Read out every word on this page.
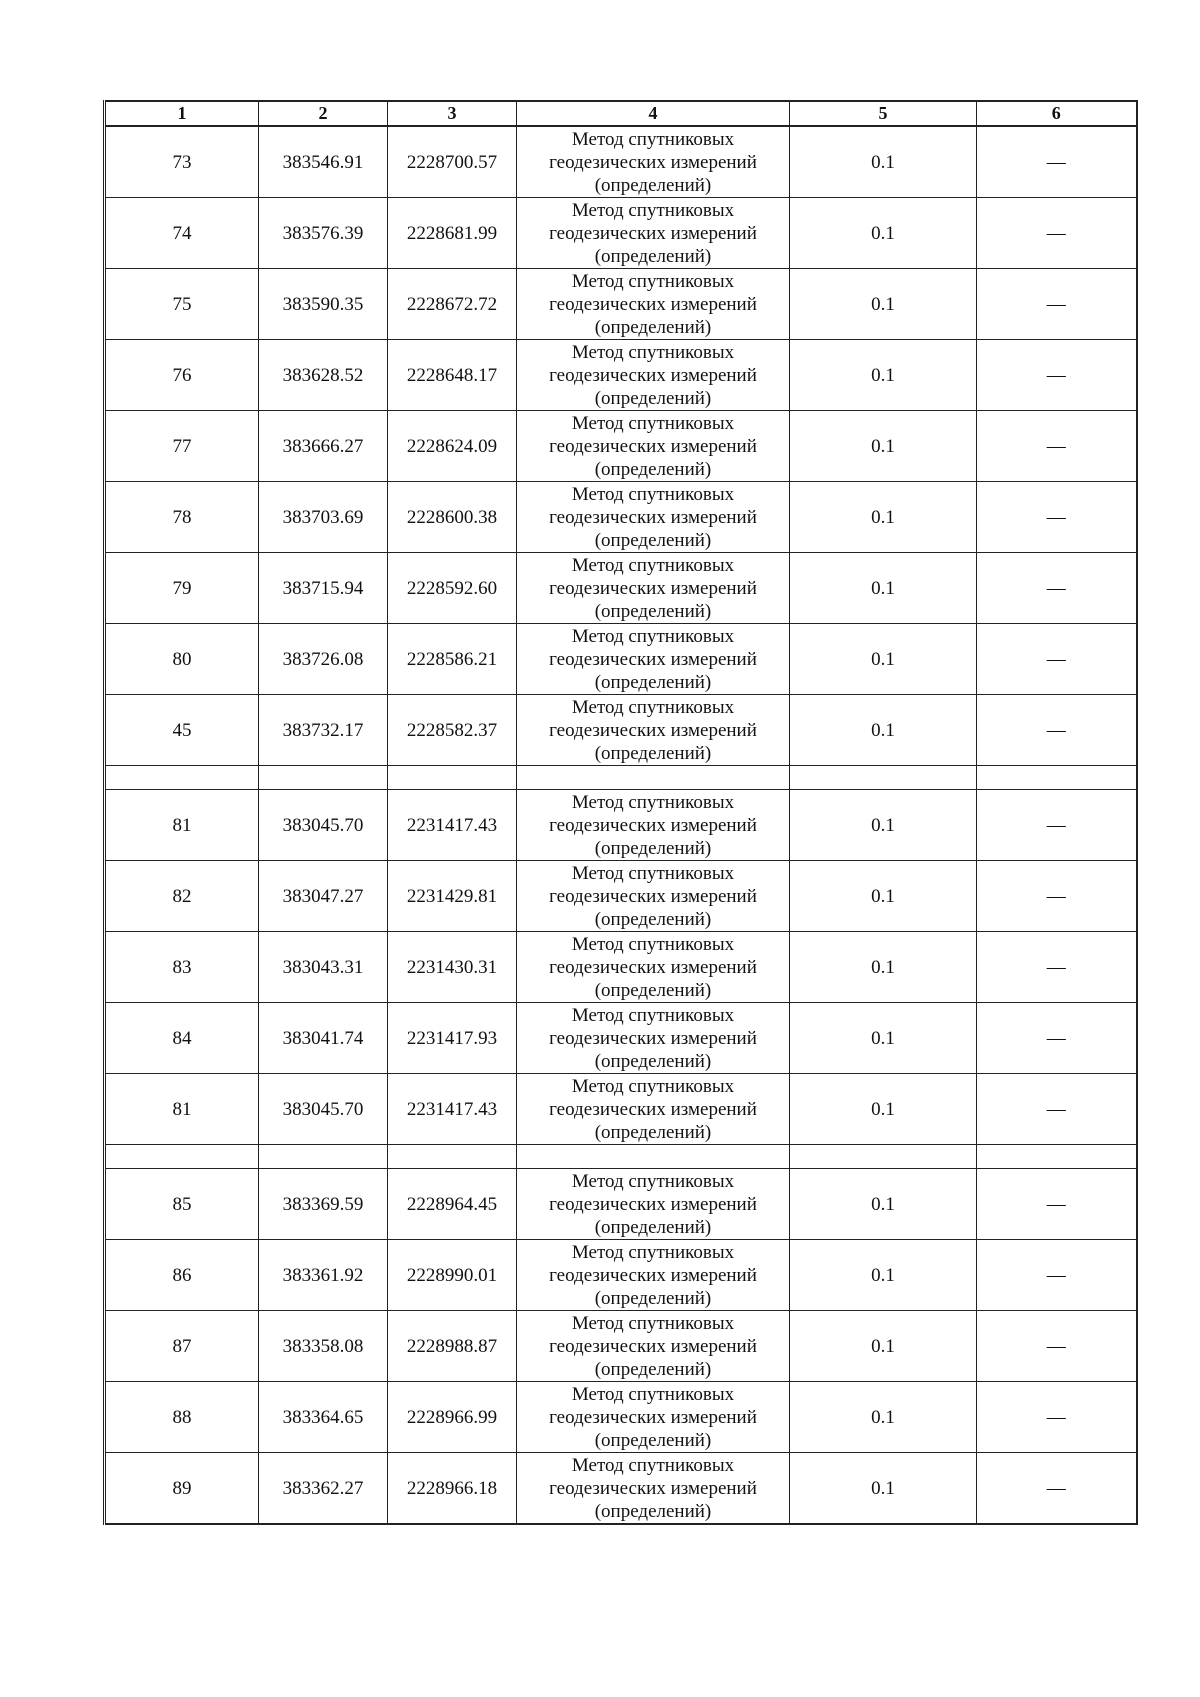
1	2	3	4	5	6
73	383546.91	2228700.57	Метод спутниковых
геодезических измерений
(определений)	0.1	—
74	383576.39	2228681.99	Метод спутниковых
геодезических измерений
(определений)	0.1	—
75	383590.35	2228672.72	Метод спутниковых
геодезических измерений
(определений)	0.1	—
76	383628.52	2228648.17	Метод спутниковых
геодезических измерений
(определений)	0.1	—
77	383666.27	2228624.09	Метод спутниковых
геодезических измерений
(определений)	0.1	—
78	383703.69	2228600.38	Метод спутниковых
геодезических измерений
(определений)	0.1	—
79	383715.94	2228592.60	Метод спутниковых
геодезических измерений
(определений)	0.1	—
80	383726.08	2228586.21	Метод спутниковых
геодезических измерений
(определений)	0.1	—
45	383732.17	2228582.37	Метод спутниковых
геодезических измерений
(определений)	0.1	—

81	383045.70	2231417.43	Метод спутниковых
геодезических измерений
(определений)	0.1	—
82	383047.27	2231429.81	Метод спутниковых
геодезических измерений
(определений)	0.1	—
83	383043.31	2231430.31	Метод спутниковых
геодезических измерений
(определений)	0.1	—
84	383041.74	2231417.93	Метод спутниковых
геодезических измерений
(определений)	0.1	—
81	383045.70	2231417.43	Метод спутниковых
геодезических измерений
(определений)	0.1	—

85	383369.59	2228964.45	Метод спутниковых
геодезических измерений
(определений)	0.1	—
86	383361.92	2228990.01	Метод спутниковых
геодезических измерений
(определений)	0.1	—
87	383358.08	2228988.87	Метод спутниковых
геодезических измерений
(определений)	0.1	—
88	383364.65	2228966.99	Метод спутниковых
геодезических измерений
(определений)	0.1	—
89	383362.27	2228966.18	Метод спутниковых
геодезических измерений
(определений)	0.1	—
